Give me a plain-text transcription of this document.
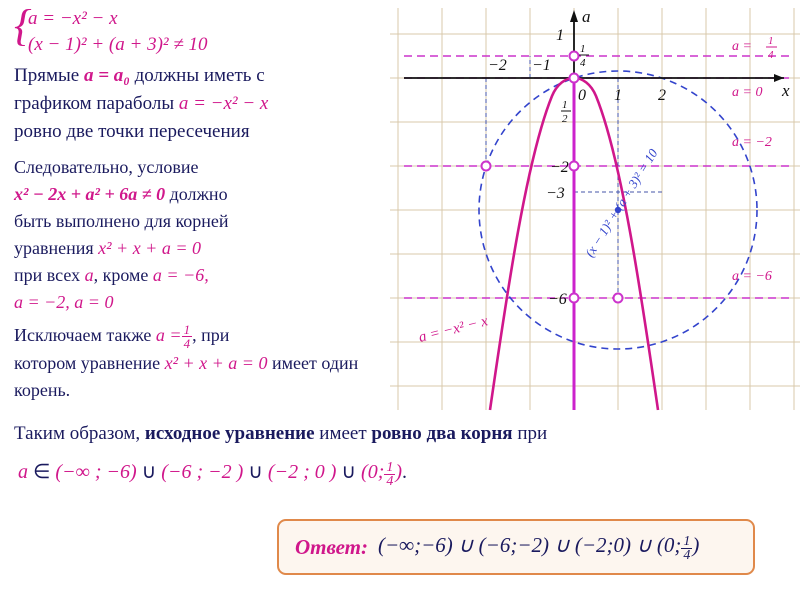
{
a = −x² − x
(x − 1)² + (a + 3)² ≠ 10
Прямые a = a₀ должны иметь с
графиком параболы a = −x² − x
ровно две точки пересечения
Следовательно, условие
x² − 2x + a² + 6a ≠ 0 должно
быть выполнено для корней
уравнения x² + x + a = 0
при всех a, кроме a = −6,
a = −2, a = 0
Исключаем также $a = \frac{1}{4}$ , при
котором уравнение x² + x + a = 0 имеет один корень.
Таким образом, исходное уравнение имеет ровно два корня при
a ∈ (−∞ ; −6) ∪ (−6 ; −2 ) ∪ (−2 ; 0 ) ∪ (0; $\frac{1}{4}$ ).
Ответ: (−∞;−6) ∪ (−6;−2) ∪ (−2;0) ∪ (0; $\frac{1}{4}$ )
a
x
−2 −1
0 1 2
1
−2
−3
−6
1
4
1
2
a = 1
4
a = 0
a = −2
a = −6
a = −x² − x
(x − 1)² + (a + 3)² = 10
